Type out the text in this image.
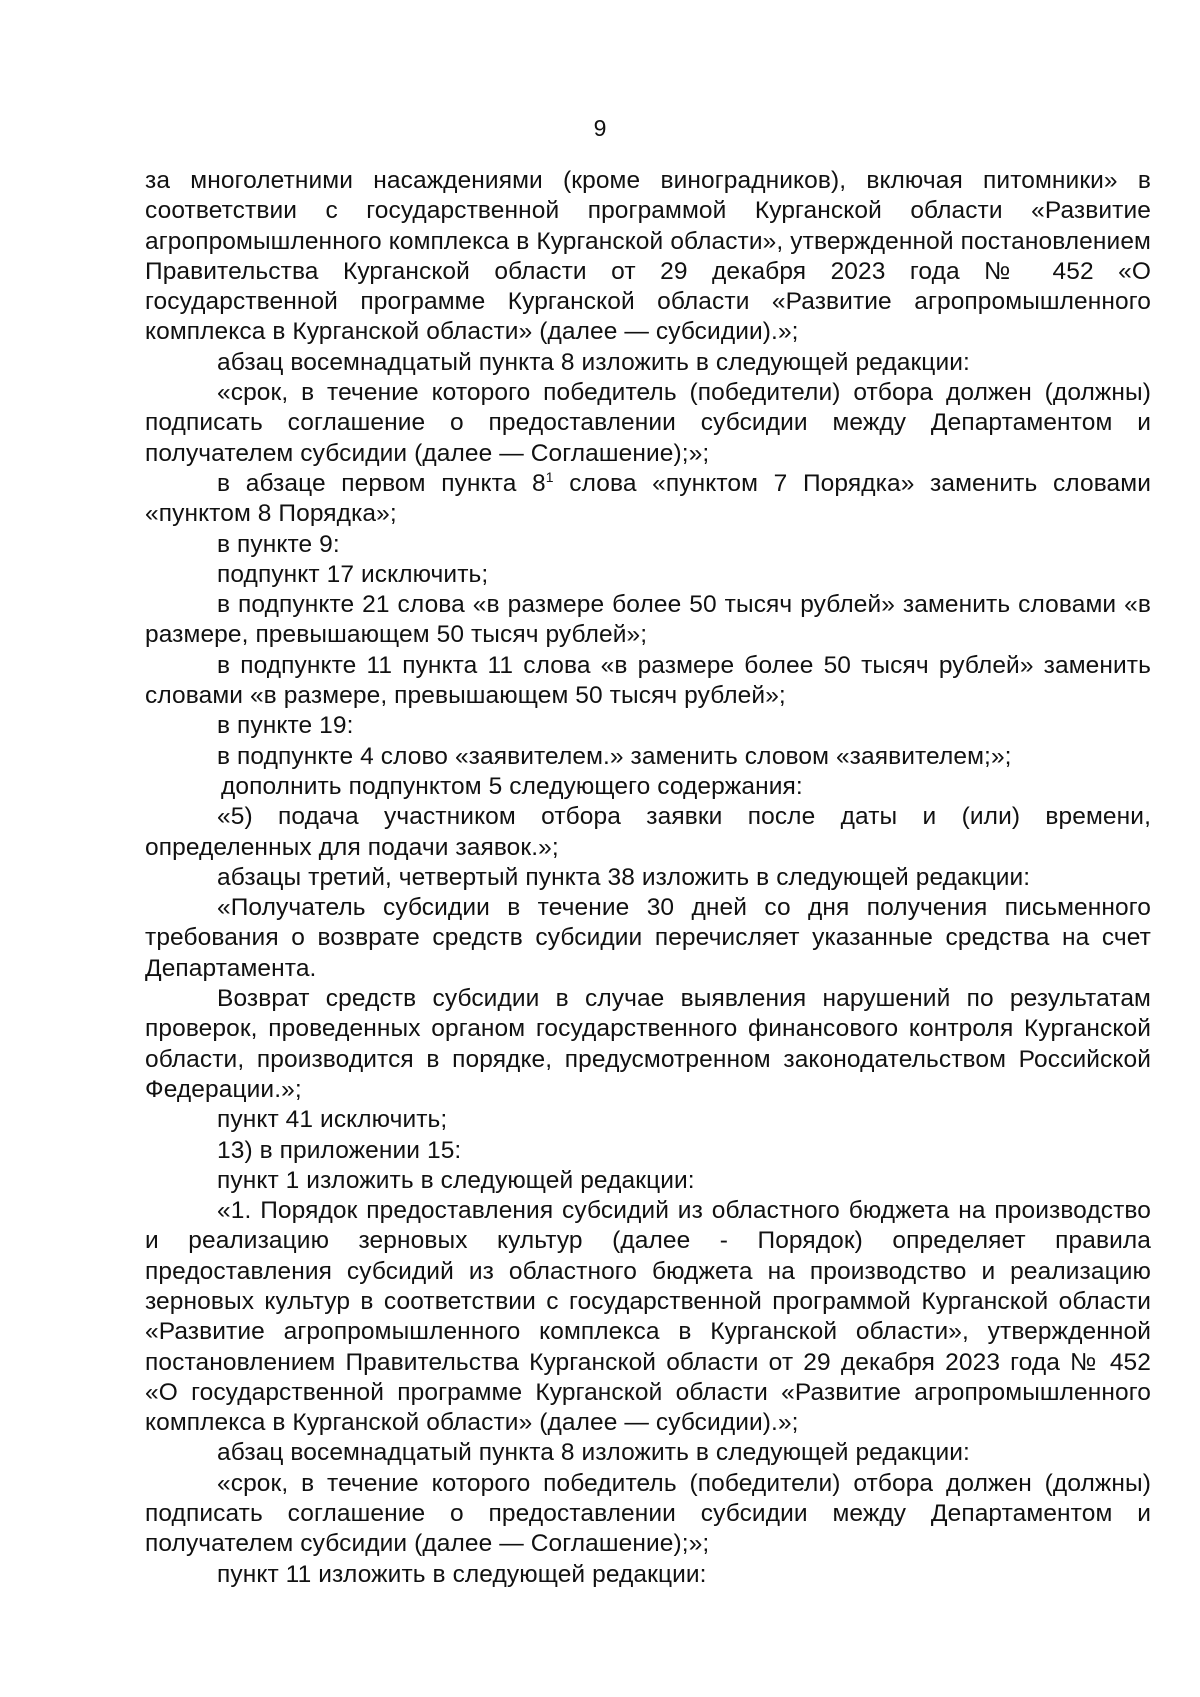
9

за многолетними насаждениями (кроме виноградников), включая питомники» в соответствии с государственной программой Курганской области «Развитие агропромышленного комплекса в Курганской области», утвержденной постановлением Правительства Курганской области от 29 декабря 2023 года № 452 «О государственной программе Курганской области «Развитие агропромышленного комплекса в Курганской области» (далее — субсидии).»;

абзац восемнадцатый пункта 8 изложить в следующей редакции:

«срок, в течение которого победитель (победители) отбора должен (должны) подписать соглашение о предоставлении субсидии между Департаментом и получателем субсидии (далее — Соглашение);»;

в абзаце первом пункта $8^1$ слова «пунктом 7 Порядка» заменить словами «пунктом 8 Порядка»;

в пункте 9:

подпункт 17 исключить;

в подпункте 21 слова «в размере более 50 тысяч рублей» заменить словами «в размере, превышающем 50 тысяч рублей»;

в подпункте 11 пункта 11 слова «в размере более 50 тысяч рублей» заменить словами «в размере, превышающем 50 тысяч рублей»;

в пункте 19:

в подпункте 4 слово «заявителем.» заменить словом «заявителем;»;

дополнить подпунктом 5 следующего содержания:

«5) подача участником отбора заявки после даты и (или) времени, определенных для подачи заявок.»;

абзацы третий, четвертый пункта 38 изложить в следующей редакции:

«Получатель субсидии в течение 30 дней со дня получения письменного требования о возврате средств субсидии перечисляет указанные средства на счет Департамента.

Возврат средств субсидии в случае выявления нарушений по результатам проверок, проведенных органом государственного финансового контроля Курганской области, производится в порядке, предусмотренном законодательством Российской Федерации.»;

пункт 41 исключить;

13) в приложении 15:

пункт 1 изложить в следующей редакции:

«1. Порядок предоставления субсидий из областного бюджета на производство и реализацию зерновых культур (далее - Порядок) определяет правила предоставления субсидий из областного бюджета на производство и реализацию зерновых культур в соответствии с государственной программой Курганской области «Развитие агропромышленного комплекса в Курганской области», утвержденной постановлением Правительства Курганской области от 29 декабря 2023 года № 452 «О государственной программе Курганской области «Развитие агропромышленного комплекса в Курганской области» (далее — субсидии).»;

абзац восемнадцатый пункта 8 изложить в следующей редакции:

«срок, в течение которого победитель (победители) отбора должен (должны) подписать соглашение о предоставлении субсидии между Департаментом и получателем субсидии (далее — Соглашение);»;

пункт 11 изложить в следующей редакции:
